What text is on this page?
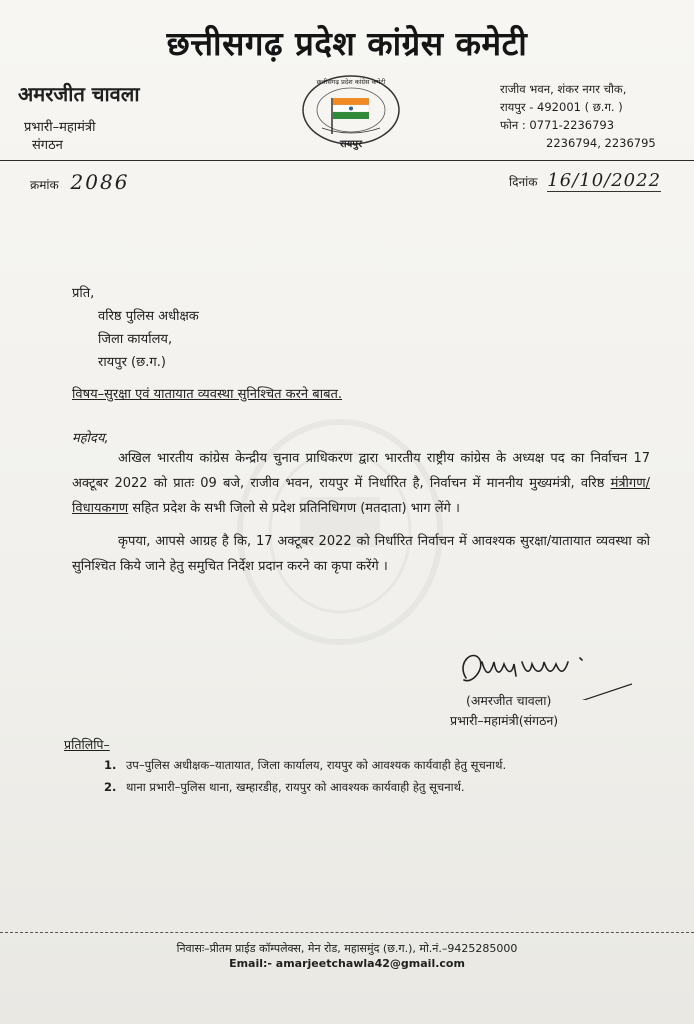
छत्तीसगढ़ प्रदेश कांग्रेस कमेटी
अमरजीत चावला
प्रभारी–महामंत्री
संगठन
छत्तीसगढ़ प्रदेश कांग्रेस कमेटी
रायपुर
राजीव भवन, शंकर नगर चौक,
रायपुर - 492001 ( छ.ग. )
फोन : 0771-2236793
2236794, 2236795
क्रमांक 2086	दिनांक 16/10/2022
प्रति,
वरिष्ठ पुलिस अधीक्षक
जिला कार्यालय,
रायपुर (छ.ग.)
विषय–सुरक्षा एवं यातायात व्यवस्था सुनिश्चित करने बाबत.
महोदय,

अखिल भारतीय कांग्रेस केन्द्रीय चुनाव प्राधिकरण द्वारा भारतीय राष्ट्रीय कांग्रेस के अध्यक्ष पद का निर्वाचन 17 अक्टूबर 2022 को प्रातः 09 बजे, राजीव भवन, रायपुर में निर्धारित है, निर्वाचन में माननीय मुख्यमंत्री, वरिष्ठ मंत्रीगण/विधायकगण सहित प्रदेश के सभी जिलो से प्रदेश प्रतिनिधिगण (मतदाता) भाग लेंगे ।

कृपया, आपसे आग्रह है कि, 17 अक्टूबर 2022 को निर्धारित निर्वाचन में आवश्यक सुरक्षा/यातायात व्यवस्था को सुनिश्चित किये जाने हेतु समुचित निर्देश प्रदान करने का कृपा करेंगे ।

(अमरजीत चावला)
प्रभारी–महामंत्री(संगठन)
प्रतिलिपि–
1. उप–पुलिस अधीक्षक–यातायात, जिला कार्यालय, रायपुर को आवश्यक कार्यवाही हेतु सूचनार्थ.
2. थाना प्रभारी–पुलिस थाना, खम्हारडीह, रायपुर को आवश्यक कार्यवाही हेतु सूचनार्थ.
निवासः–प्रीतम प्राईड कॉम्पलेक्स, मेन रोड, महासमुंद (छ.ग.), मो.नं.–9425285000
Email:- amarjeetchawla42@gmail.com
